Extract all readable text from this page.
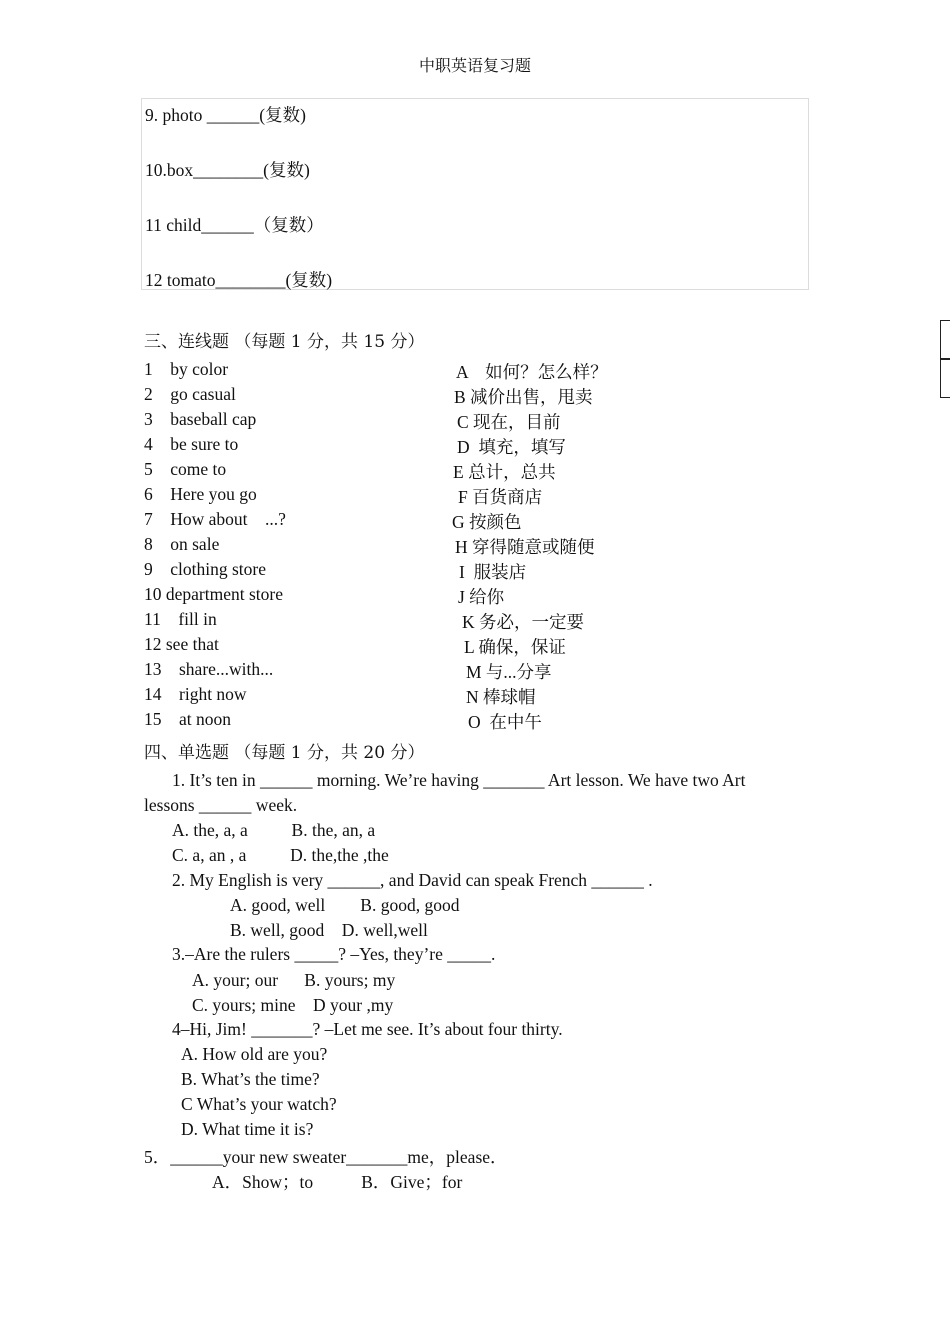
中职英语复习题
9. photo ______(复数)
10.box________(复数)
11 child______（复数）
12 tomato________(复数)
三、连线题 （每题 1 分，共 15 分）
1    by color
2    go casual
3    baseball cap
4    be sure to
5    come to
6    Here you go
7    How about    ...?
8    on sale
9    clothing store
10 department store
11    fill in
12 see that
13    share...with...
14    right now
15    at noon
A    如何？怎么样？
B 减价出售，甩卖
C 现在，目前
D  填充，填写
E 总计，总共
F 百货商店
G 按颜色
H 穿得随意或随便
I  服装店
J 给你
K 务必，一定要
L 确保，保证
M 与...分享
N 棒球帽
O  在中午
四、单选题 （每题 1 分，共 20 分）
1. It’s ten in ______ morning. We’re having _______ Art lesson. We have two Art
lessons ______ week.
A. the, a, a          B. the, an, a
C. a, an , a          D. the,the ,the
2. My English is very ______, and David can speak French ______ .
A. good, well        B. good, good
B. well, good    D. well,well
3.–Are the rulers _____? –Yes, they’re _____.
A. your; our      B. yours; my
C. yours; mine    D your ,my
4–Hi, Jim! _______? –Let me see. It’s about four thirty.
A. How old are you?
B. What’s the time?
C What’s your watch?
D. What time it is?
5．______your new sweater_______me，please．
A．Show；to           B．Give；for
